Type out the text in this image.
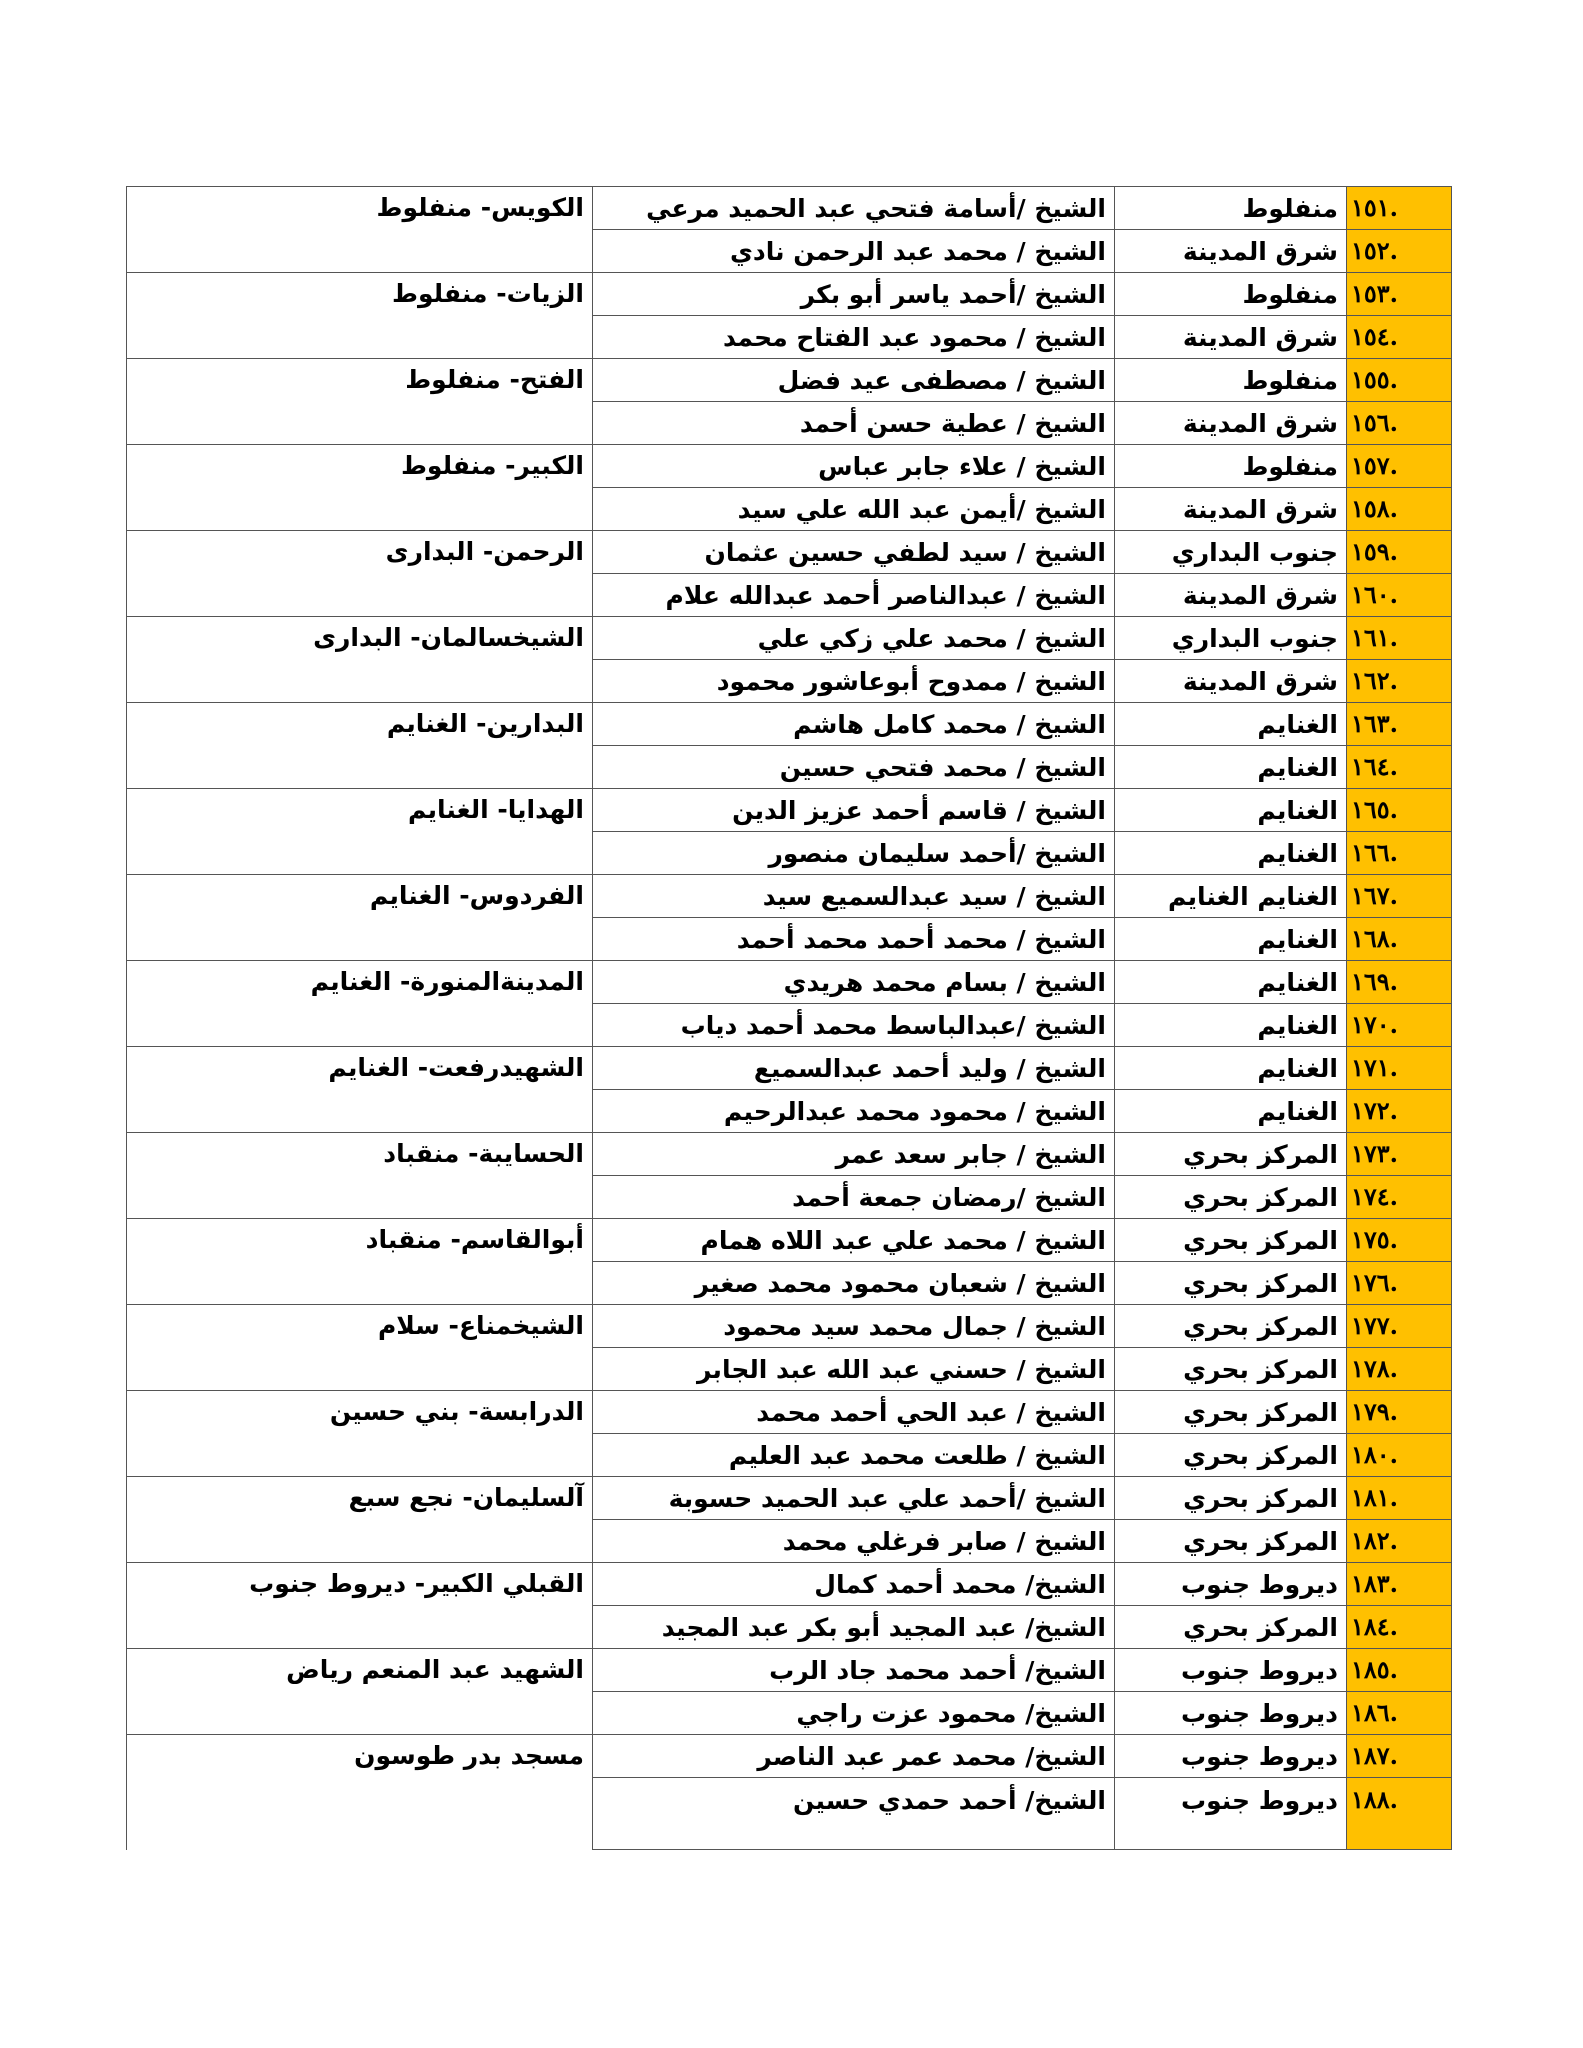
١٥١.	منفلوط	الشيخ /أسامة فتحي عبد الحميد مرعي	الكويس- منفلوط
١٥٢.	شرق المدينة	الشيخ / محمد عبد الرحمن نادي	
١٥٣.	منفلوط	الشيخ /أحمد ياسر أبو بكر	الزيات- منفلوط
١٥٤.	شرق المدينة	الشيخ / محمود عبد الفتاح محمد	
١٥٥.	منفلوط	الشيخ / مصطفى عيد فضل	الفتح- منفلوط
١٥٦.	شرق المدينة	الشيخ / عطية حسن أحمد	
١٥٧.	منفلوط	الشيخ / علاء جابر عباس	الكبير- منفلوط
١٥٨.	شرق المدينة	الشيخ /أيمن عبد الله علي سيد	
١٥٩.	جنوب البداري	الشيخ / سيد لطفي حسين عثمان	الرحمن- البدارى
١٦٠.	شرق المدينة	الشيخ / عبدالناصر أحمد عبدالله علام	
١٦١.	جنوب البداري	الشيخ / محمد علي زكي علي	الشيخسالمان- البدارى
١٦٢.	شرق المدينة	الشيخ / ممدوح أبوعاشور محمود	
١٦٣.	الغنايم	الشيخ / محمد كامل هاشم	البدارين- الغنايم
١٦٤.	الغنايم	الشيخ / محمد فتحي حسين	
١٦٥.	الغنايم	الشيخ / قاسم أحمد عزيز الدين	الهدايا- الغنايم
١٦٦.	الغنايم	الشيخ /أحمد سليمان منصور	
١٦٧.	الغنايم الغنايم	الشيخ / سيد عبدالسميع سيد	الفردوس- الغنايم
١٦٨.	الغنايم	الشيخ / محمد أحمد محمد أحمد	
١٦٩.	الغنايم	الشيخ / بسام محمد هريدي	المدينةالمنورة- الغنايم
١٧٠.	الغنايم	الشيخ /عبدالباسط محمد أحمد دياب	
١٧١.	الغنايم	الشيخ / وليد أحمد عبدالسميع	الشهيدرفعت- الغنايم
١٧٢.	الغنايم	الشيخ / محمود محمد عبدالرحيم	
١٧٣.	المركز بحري	الشيخ / جابر سعد عمر	الحسايبة- منقباد
١٧٤.	المركز بحري	الشيخ /رمضان جمعة أحمد	
١٧٥.	المركز بحري	الشيخ / محمد علي عبد اللاه همام	أبوالقاسم- منقباد
١٧٦.	المركز بحري	الشيخ / شعبان محمود محمد صغير	
١٧٧.	المركز بحري	الشيخ / جمال محمد سيد محمود	الشيخمناع- سلام
١٧٨.	المركز بحري	الشيخ / حسني عبد الله عبد الجابر	
١٧٩.	المركز بحري	الشيخ / عبد الحي أحمد محمد	الدرابسة- بني حسين
١٨٠.	المركز بحري	الشيخ / طلعت محمد عبد العليم	
١٨١.	المركز بحري	الشيخ /أحمد علي عبد الحميد حسوبة	آلسليمان- نجع سبع
١٨٢.	المركز بحري	الشيخ / صابر فرغلي محمد	
١٨٣.	ديروط جنوب	الشيخ/ محمد أحمد كمال	القبلي الكبير- ديروط جنوب
١٨٤.	المركز بحري	الشيخ/ عبد المجيد أبو بكر عبد المجيد	
١٨٥.	ديروط جنوب	الشيخ/ أحمد محمد جاد الرب	الشهيد عبد المنعم رياض
١٨٦.	ديروط جنوب	الشيخ/ محمود عزت راجي	
١٨٧.	ديروط جنوب	الشيخ/ محمد عمر عبد الناصر	مسجد بدر طوسون
١٨٨.	ديروط جنوب	الشيخ/ أحمد حمدي حسين	
